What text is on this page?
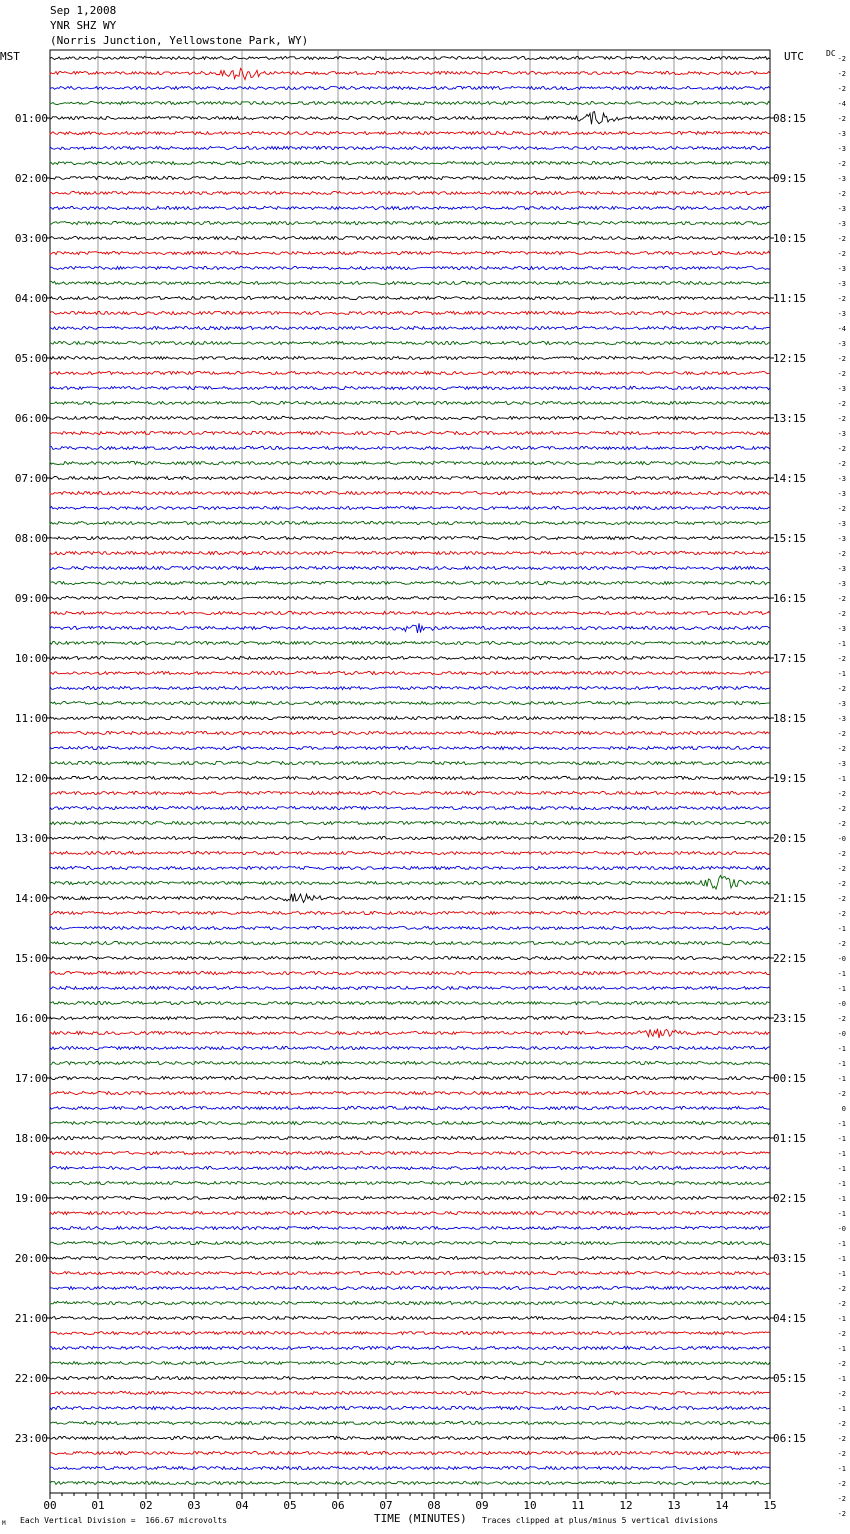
Sep 1,2008
YNR SHZ WY
(Norris Junction, Yellowstone Park, WY)
MST	UTC	DC
00	01	02	03	04	05	06	07	08	09	10	11	12	13	14	15
01:00
02:00
03:00
04:00
05:00
06:00
07:00
08:00
09:00
10:00
11:00
12:00
13:00
14:00
15:00
16:00
17:00
18:00
19:00
20:00
21:00
22:00
23:00
08:15
09:15
10:15
11:15
12:15
13:15
14:15
15:15
16:15
17:15
18:15
19:15
20:15
21:15
22:15
23:15
00:15
01:15
02:15
03:15
04:15
05:15
06:15
-2
-2
-2
-4
-2
-3
-3
-2
-3
-2
-3
-3
-2
-2
-3
-3
-2
-3
-4
-3
-2
-2
-3
-2
-2
-3
-2
-2
-3
-3
-2
-3
-3
-2
-3
-3
-2
-2
-3
-1
-2
-1
-2
-3
-3
-2
-2
-3
-1
-2
-2
-2
-0
-2
-2
-2
-2
-2
-1
-2
-0
-1
-1
-0
-2
-0
-1
-1
-1
-2
0
-1
-1
-1
-1
-1
-1
-1
-0
-1
-1
-1
-2
-2
-1
-2
-1
-2
-1
-2
-1
-2
-2
-2
-1
-2
-2
-2
TIME (MINUTES)
Each Vertical Division =  166.67 microvolts	Traces clipped at plus/minus 5 vertical divisions
M
